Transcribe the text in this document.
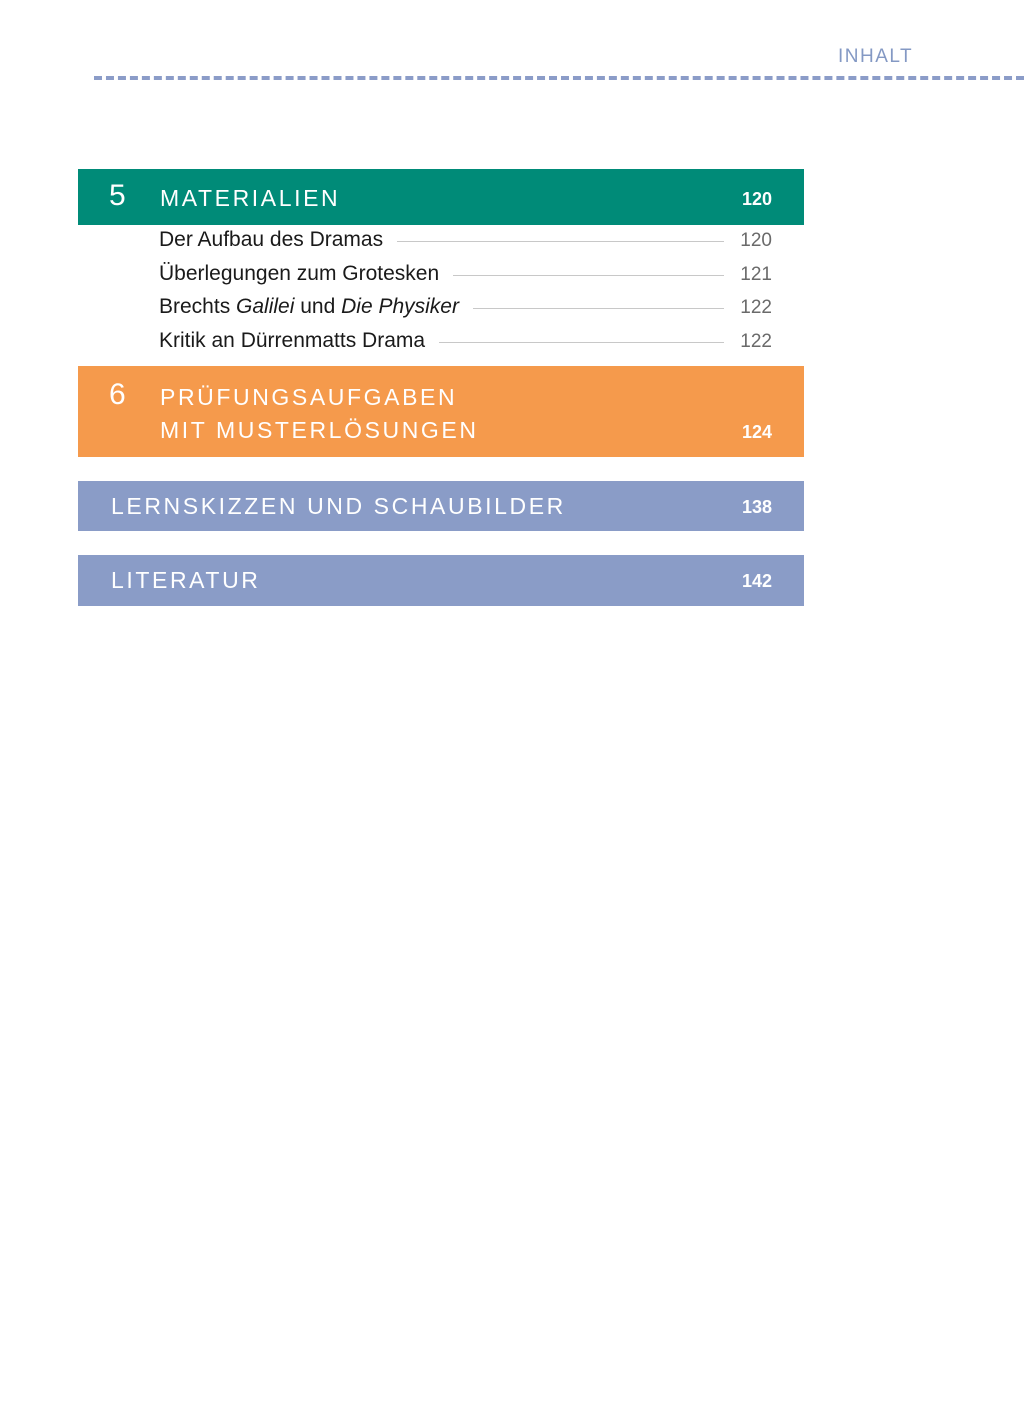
INHALT
5 MATERIALIEN	120
Der Aufbau des Dramas	120
Überlegungen zum Grotesken	121
Brechts Galilei und Die Physiker	122
Kritik an Dürrenmatts Drama	122
6 PRÜFUNGSAUFGABEN
MIT MUSTERLÖSUNGEN	124
LERNSKIZZEN UND SCHAUBILDER	138
LITERATUR	142
